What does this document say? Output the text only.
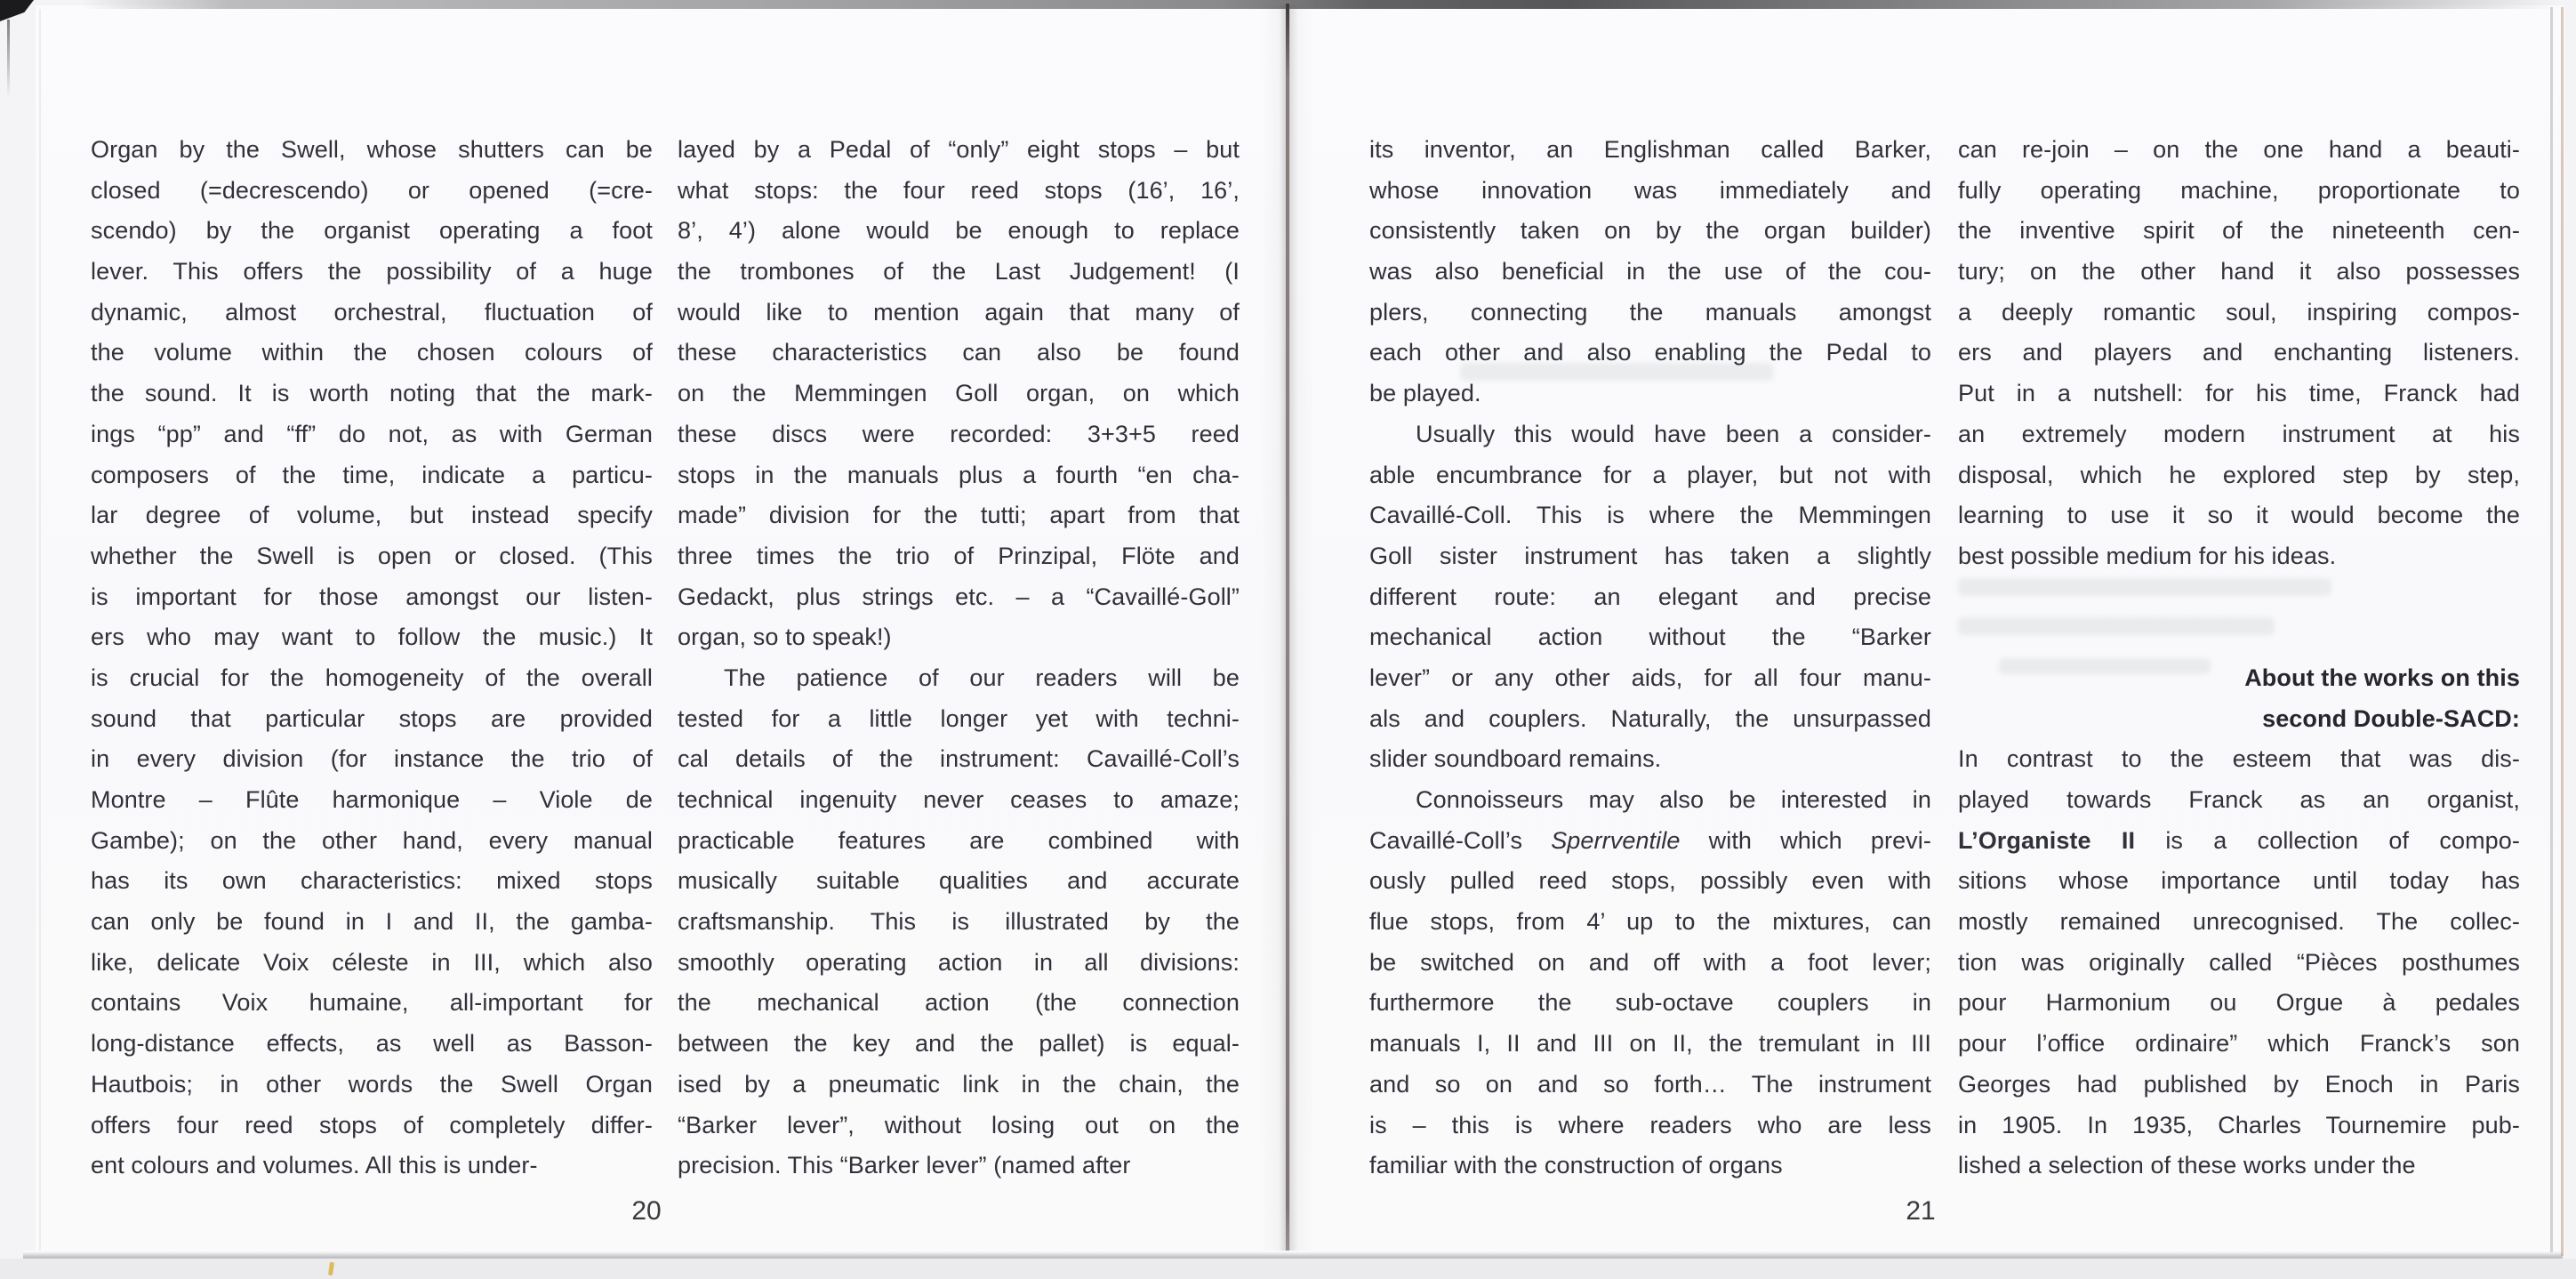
Organ by the Swell, whose shutters can be
closed (=decrescendo) or opened (=cre-
scendo) by the organist operating a foot
lever. This offers the possibility of a huge
dynamic, almost orchestral, fluctuation of
the volume within the chosen colours of
the sound. It is worth noting that the mark-
ings “pp” and “ff” do not, as with German
composers of the time, indicate a particu-
lar degree of volume, but instead specify
whether the Swell is open or closed. (This
is important for those amongst our listen-
ers who may want to follow the music.) It
is crucial for the homogeneity of the overall
sound that particular stops are provided
in every division (for instance the trio of
Montre – Flûte harmonique – Viole de
Gambe); on the other hand, every manual
has its own characteristics: mixed stops
can only be found in I and II, the gamba-
like, delicate Voix céleste in III, which also
contains Voix humaine, all-important for
long-distance effects, as well as Basson-
Hautbois; in other words the Swell Organ
offers four reed stops of completely differ-
ent colours and volumes. All this is under-
layed by a Pedal of “only” eight stops – but
what stops: the four reed stops (16’, 16’,
8’, 4’) alone would be enough to replace
the trombones of the Last Judgement! (I
would like to mention again that many of
these characteristics can also be found
on the Memmingen Goll organ, on which
these discs were recorded: 3+3+5 reed
stops in the manuals plus a fourth “en cha-
made” division for the tutti; apart from that
three times the trio of Prinzipal, Flöte and
Gedackt, plus strings etc. – a “Cavaillé-Goll”
organ, so to speak!)
The patience of our readers will be
tested for a little longer yet with techni-
cal details of the instrument: Cavaillé-Coll’s
technical ingenuity never ceases to amaze;
practicable features are combined with
musically suitable qualities and accurate
craftsmanship. This is illustrated by the
smoothly operating action in all divisions:
the mechanical action (the connection
between the key and the pallet) is equal-
ised by a pneumatic link in the chain, the
“Barker lever”, without losing out on the
precision. This “Barker lever” (named after
its inventor, an Englishman called Barker,
whose innovation was immediately and
consistently taken on by the organ builder)
was also beneficial in the use of the cou-
plers, connecting the manuals amongst
each other and also enabling the Pedal to
be played.
Usually this would have been a consider-
able encumbrance for a player, but not with
Cavaillé-Coll. This is where the Memmingen
Goll sister instrument has taken a slightly
different route: an elegant and precise
mechanical action without the “Barker
lever” or any other aids, for all four manu-
als and couplers. Naturally, the unsurpassed
slider soundboard remains.
Connoisseurs may also be interested in
Cavaillé-Coll’s Sperrventile with which previ-
ously pulled reed stops, possibly even with
flue stops, from 4’ up to the mixtures, can
be switched on and off with a foot lever;
furthermore the sub-octave couplers in
manuals I, II and III on II, the tremulant in III
and so on and so forth… The instrument
is – this is where readers who are less
familiar with the construction of organs
can re-join – on the one hand a beauti-
fully operating machine, proportionate to
the inventive spirit of the nineteenth cen-
tury; on the other hand it also possesses
a deeply romantic soul, inspiring compos-
ers and players and enchanting listeners.
Put in a nutshell: for his time, Franck had
an extremely modern instrument at his
disposal, which he explored step by step,
learning to use it so it would become the
best possible medium for his ideas.
About the works on this
second Double-SACD:
In contrast to the esteem that was dis-
played towards Franck as an organist,
L’Organiste II is a collection of compo-
sitions whose importance until today has
mostly remained unrecognised. The collec-
tion was originally called “Pièces posthumes
pour Harmonium ou Orgue à pedales
pour l’office ordinaire” which Franck’s son
Georges had published by Enoch in Paris
in 1905. In 1935, Charles Tournemire pub-
lished a selection of these works under the
20	21
